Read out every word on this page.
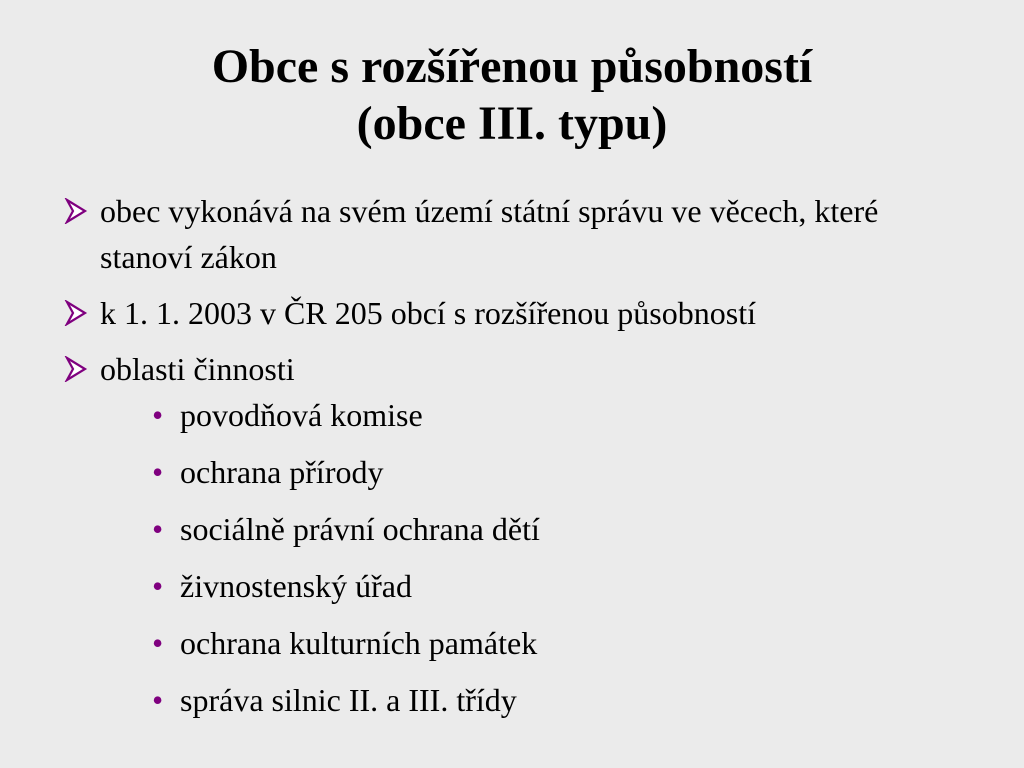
Obce s rozšířenou působností
(obce III. typu)
obec vykonává na svém území státní správu ve věcech, které stanoví zákon
k 1. 1. 2003 v ČR 205 obcí s rozšířenou působností
oblasti činnosti
• povodňová komise
• ochrana přírody
• sociálně právní ochrana dětí
• živnostenský úřad
• ochrana kulturních památek
• správa silnic II. a III. třídy
